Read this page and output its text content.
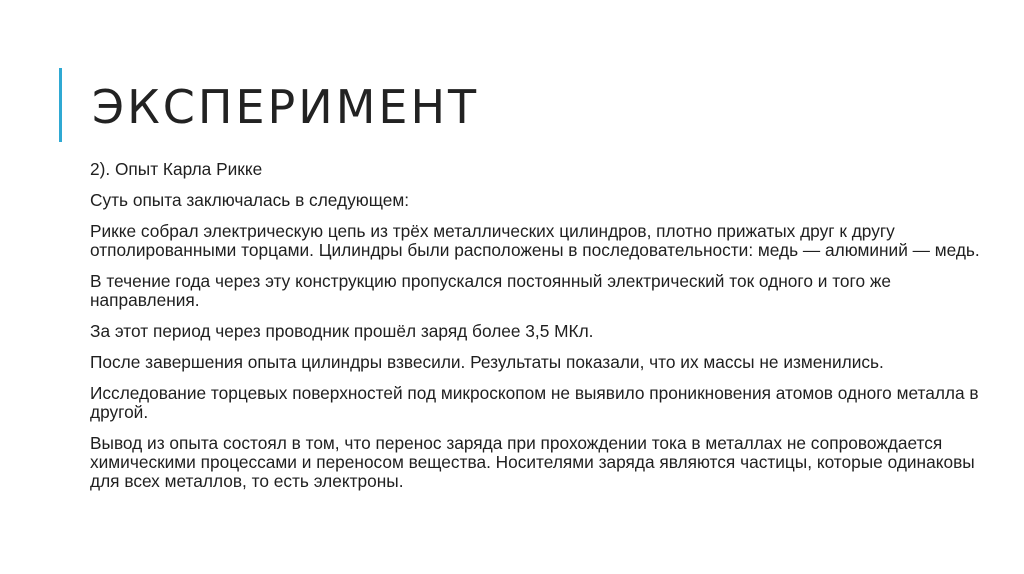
ЭКСПЕРИМЕНТ

2). Опыт Карла Рикке

Суть опыта заключалась в следующем:

Рикке собрал электрическую цепь из трёх металлических цилиндров, плотно прижатых друг к другу отполированными торцами. Цилиндры были расположены в последовательности: медь — алюминий — медь.

В течение года через эту конструкцию пропускался постоянный электрический ток одного и того же направления.

За этот период через проводник прошёл заряд более 3,5 МКл.

После завершения опыта цилиндры взвесили. Результаты показали, что их массы не изменились.

Исследование торцевых поверхностей под микроскопом не выявило проникновения атомов одного металла в другой.

Вывод из опыта состоял в том, что перенос заряда при прохождении тока в металлах не сопровождается химическими процессами и переносом вещества. Носителями заряда являются частицы, которые одинаковы для всех металлов, то есть электроны.
